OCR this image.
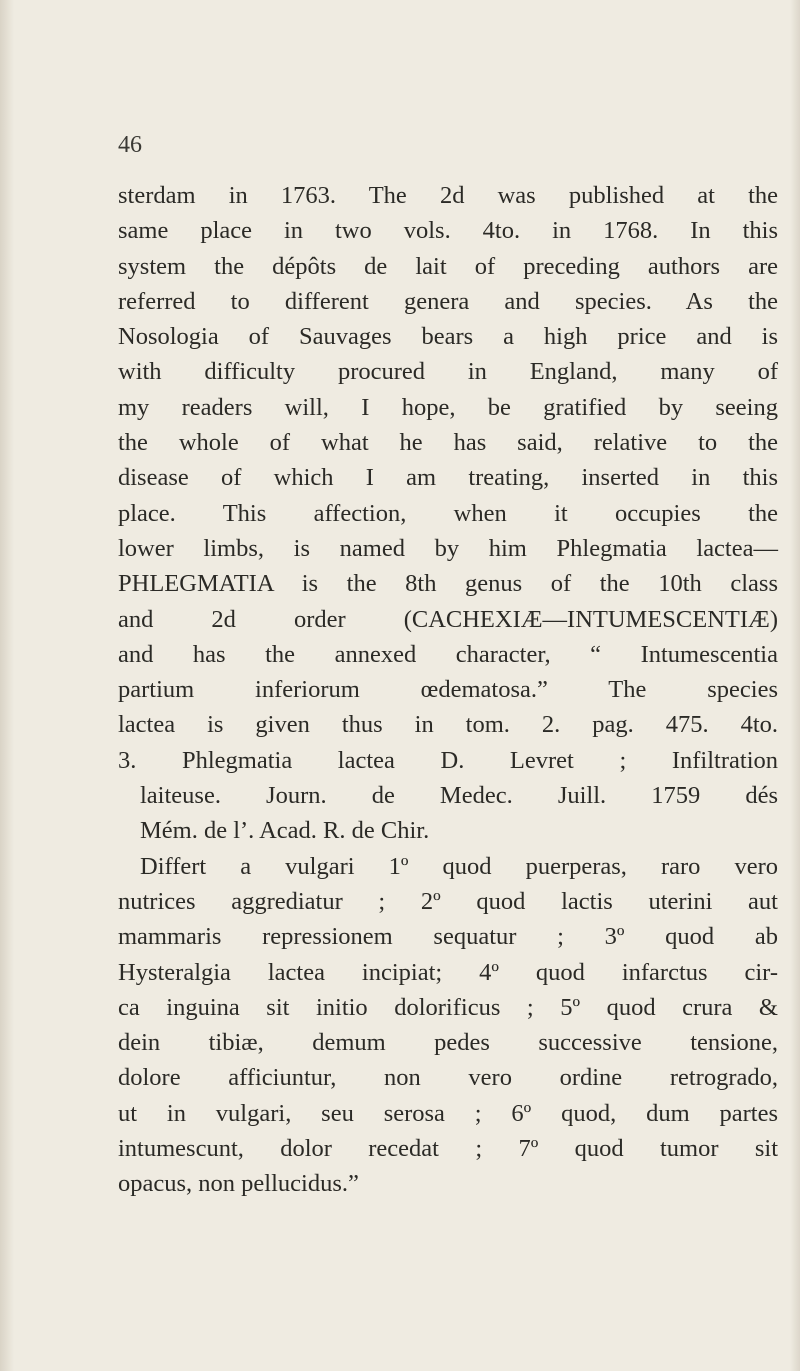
46
sterdam in 1763. The 2d was published at the
same place in two vols. 4to. in 1768. In this
system the dépôts de lait of preceding authors are
referred to different genera and species. As the
Nosologia of Sauvages bears a high price and is
with difficulty procured in England, many of
my readers will, I hope, be gratified by seeing
the whole of what he has said, relative to the
disease of which I am treating, inserted in this
place. This affection, when it occupies the
lower limbs, is named by him Phlegmatia lactea—
PHLEGMATIA is the 8th genus of the 10th class
and 2d order (CACHEXIÆ—INTUMESCENTIÆ)
and has the annexed character, “ Intumescentia
partium inferiorum œdematosa.” The species
lactea is given thus in tom. 2. pag. 475. 4to.
3. Phlegmatia lactea D. Levret ; Infiltration
laiteuse. Journ. de Medec. Juill. 1759 dés
Mém. de l’. Acad. R. de Chir.
Differt a vulgari 1º quod puerperas, raro vero
nutrices aggrediatur ; 2º quod lactis uterini aut
mammaris repressionem sequatur ; 3º quod ab
Hysteralgia lactea incipiat; 4º quod infarctus cir-
ca inguina sit initio dolorificus ; 5º quod crura &
dein tibiæ, demum pedes successive tensione,
dolore afficiuntur, non vero ordine retrogrado,
ut in vulgari, seu serosa ; 6º quod, dum partes
intumescunt, dolor recedat ; 7º quod tumor sit
opacus, non pellucidus.”
